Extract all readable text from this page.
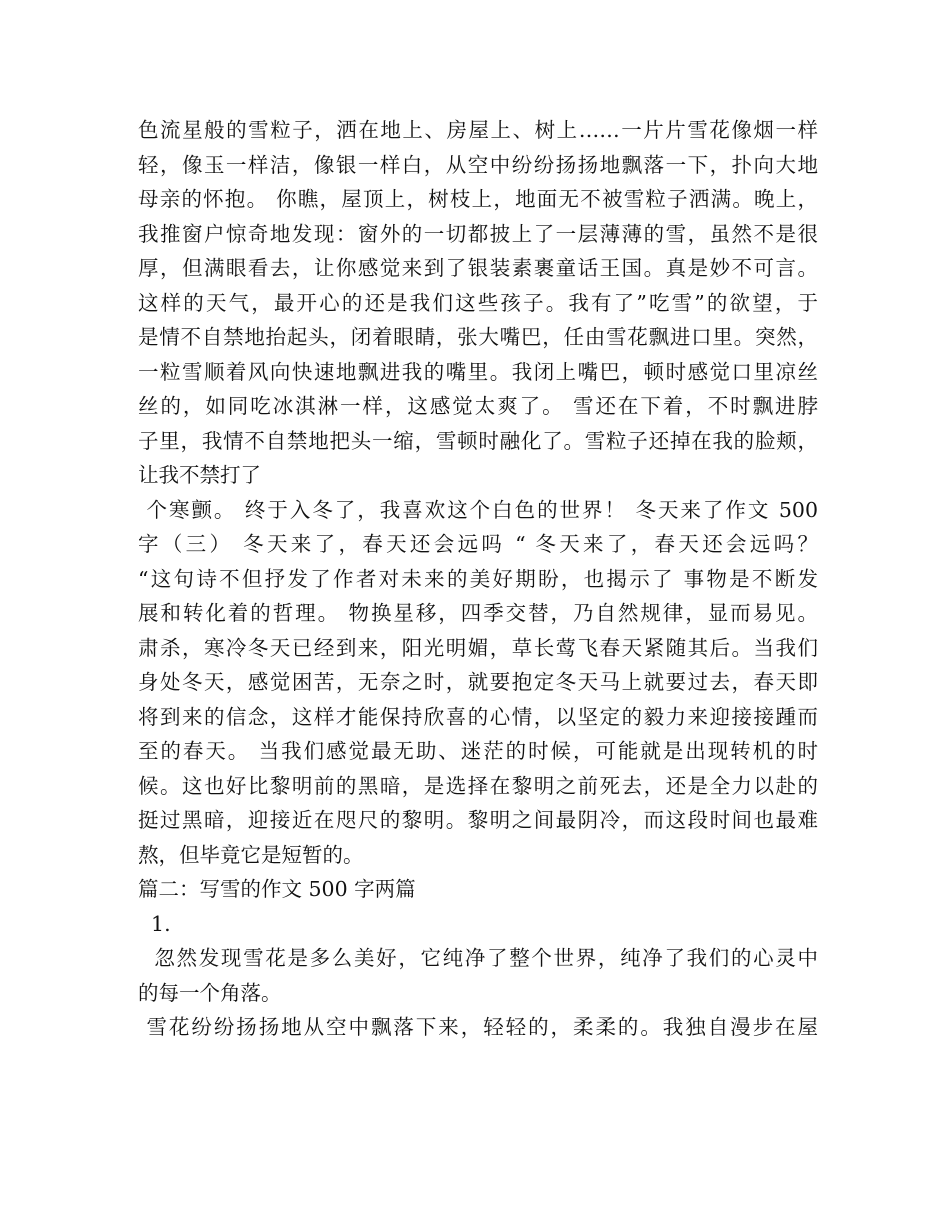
色流星般的雪粒子，洒在地上、房屋上、树上……一片片雪花像烟一样
轻，像玉一样洁，像银一样白，从空中纷纷扬扬地飘落一下，扑向大地
母亲的怀抱。 你瞧，屋顶上，树枝上，地面无不被雪粒子洒满。晚上，
我推窗户惊奇地发现：窗外的一切都披上了一层薄薄的雪，虽然不是很
厚，但满眼看去，让你感觉来到了银装素裹童话王国。真是妙不可言。
这样的天气，最开心的还是我们这些孩子。我有了”吃雪”的欲望，于
是情不自禁地抬起头，闭着眼睛，张大嘴巴，任由雪花飘进口里。突然，
一粒雪顺着风向快速地飘进我的嘴里。我闭上嘴巴，顿时感觉口里凉丝
丝的，如同吃冰淇淋一样，这感觉太爽了。 雪还在下着，不时飘进脖
子里，我情不自禁地把头一缩，雪顿时融化了。雪粒子还掉在我的脸颊，
让我不禁打了
个寒颤。 终于入冬了，我喜欢这个白色的世界！ 冬天来了作文 500
字（三） 冬天来了，春天还会远吗 “ 冬天来了，春天还会远吗？
“这句诗不但抒发了作者对未来的美好期盼，也揭示了 事物是不断发
展和转化着的哲理。 物换星移，四季交替，乃自然规律，显而易见。
肃杀，寒冷冬天已经到来，阳光明媚，草长莺飞春天紧随其后。当我们
身处冬天，感觉困苦，无奈之时，就要抱定冬天马上就要过去，春天即
将到来的信念，这样才能保持欣喜的心情，以坚定的毅力来迎接接踵而
至的春天。 当我们感觉最无助、迷茫的时候，可能就是出现转机的时
候。这也好比黎明前的黑暗，是选择在黎明之前死去，还是全力以赴的
挺过黑暗，迎接近在咫尺的黎明。黎明之间最阴冷，而这段时间也最难
熬，但毕竟它是短暂的。
篇二：写雪的作文 500 字两篇
1.
忽然发现雪花是多么美好，它纯净了整个世界，纯净了我们的心灵中
的每一个角落。
雪花纷纷扬扬地从空中飘落下来，轻轻的，柔柔的。我独自漫步在屋
